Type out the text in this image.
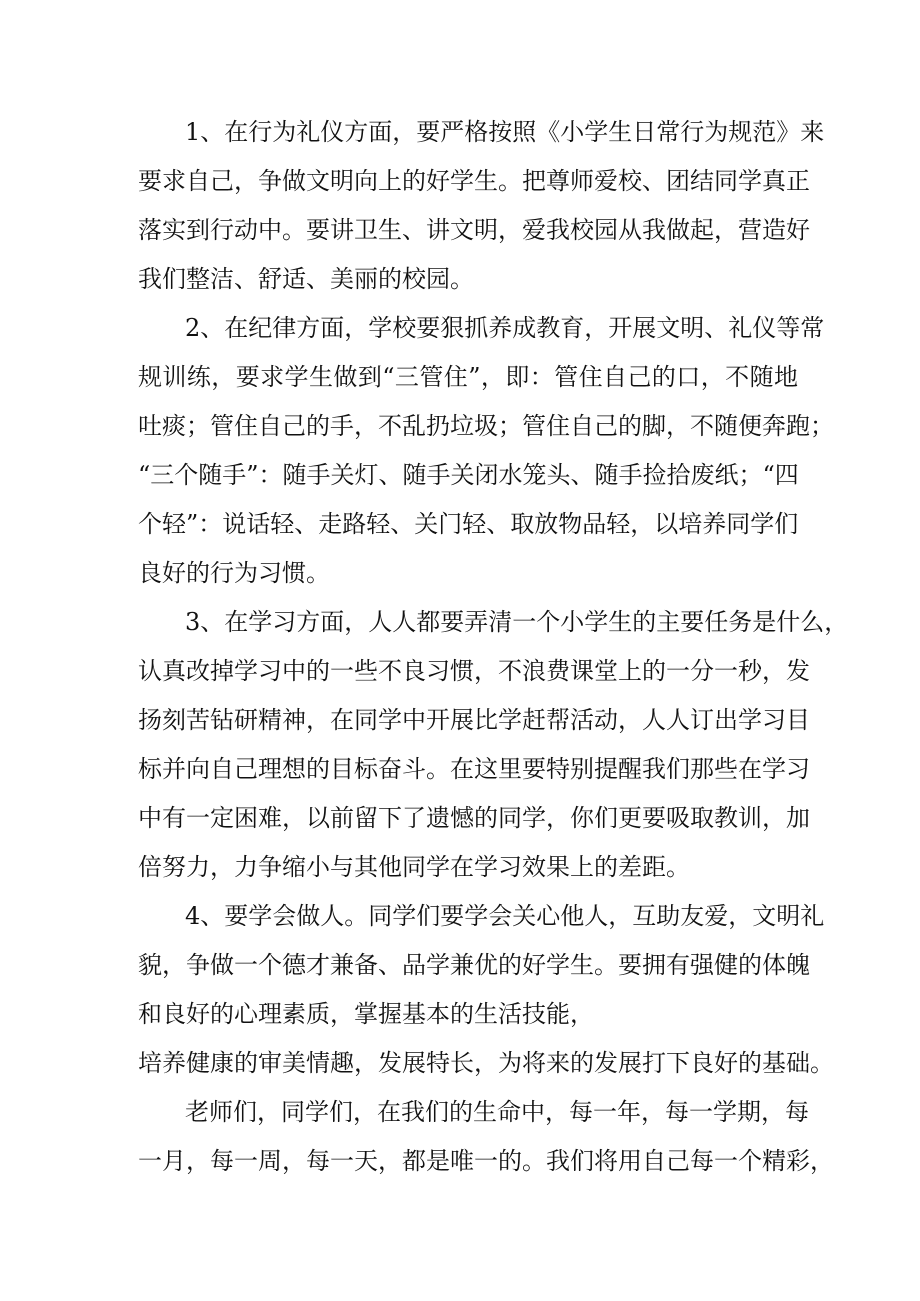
1、在行为礼仪方面，要严格按照《小学生日常行为规范》来
要求自己，争做文明向上的好学生。把尊师爱校、团结同学真正
落实到行动中。要讲卫生、讲文明，爱我校园从我做起，营造好
我们整洁、舒适、美丽的校园。
2、在纪律方面，学校要狠抓养成教育，开展文明、礼仪等常
规训练，要求学生做到“三管住”，即：管住自己的口，不随地
吐痰；管住自己的手，不乱扔垃圾；管住自己的脚，不随便奔跑；
“三个随手”：随手关灯、随手关闭水笼头、随手捡拾废纸；“四
个轻”：说话轻、走路轻、关门轻、取放物品轻，以培养同学们
良好的行为习惯。
3、在学习方面，人人都要弄清一个小学生的主要任务是什么，
认真改掉学习中的一些不良习惯，不浪费课堂上的一分一秒，发
扬刻苦钻研精神，在同学中开展比学赶帮活动，人人订出学习目
标并向自己理想的目标奋斗。在这里要特别提醒我们那些在学习
中有一定困难，以前留下了遗憾的同学，你们更要吸取教训，加
倍努力，力争缩小与其他同学在学习效果上的差距。
4、要学会做人。同学们要学会关心他人，互助友爱，文明礼
貌，争做一个德才兼备、品学兼优的好学生。要拥有强健的体魄
和良好的心理素质，掌握基本的生活技能，
培养健康的审美情趣，发展特长，为将来的发展打下良好的基础。
老师们，同学们，在我们的生命中，每一年，每一学期，每
一月，每一周，每一天，都是唯一的。我们将用自己每一个精彩，
